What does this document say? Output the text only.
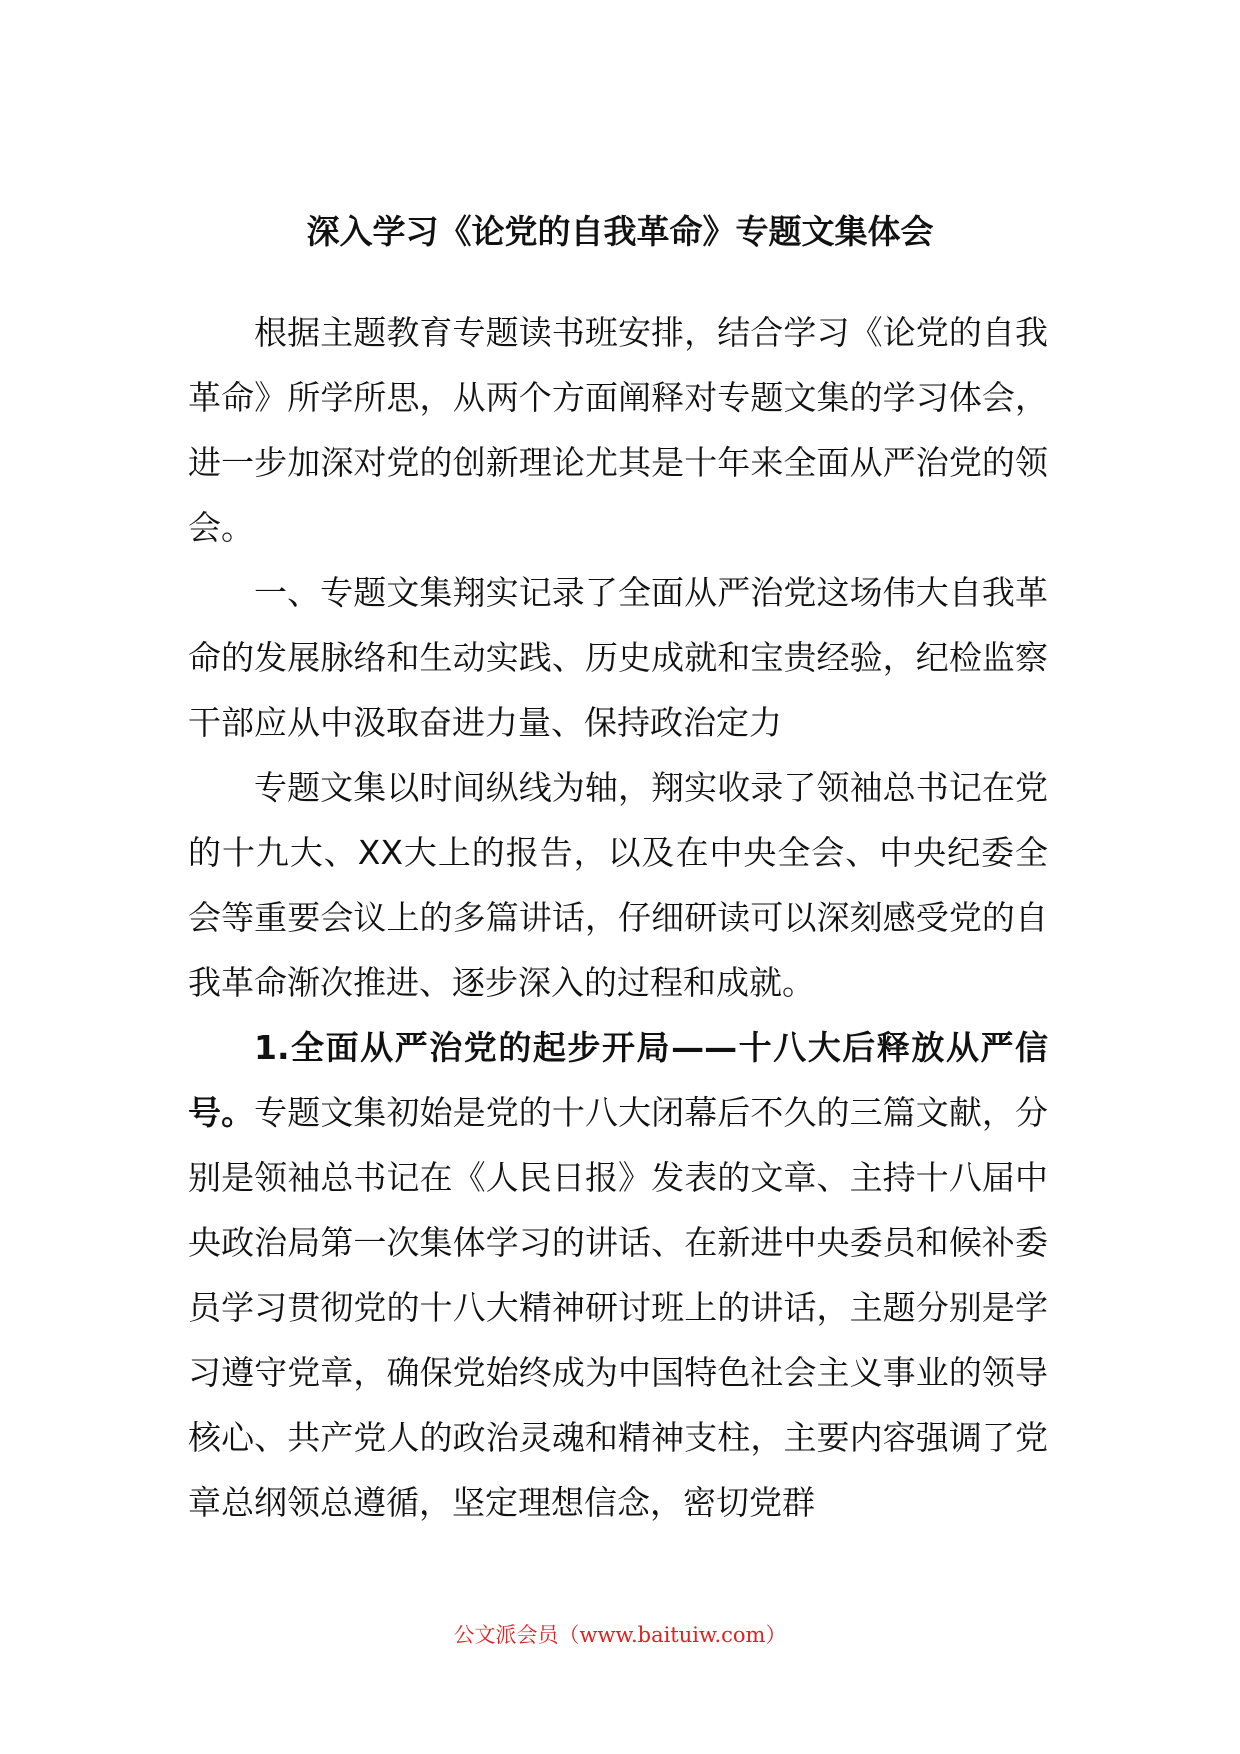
深入学习《论党的自我革命》专题文集体会

根据主题教育专题读书班安排，结合学习《论党的自我革命》所学所思，从两个方面阐释对专题文集的学习体会，进一步加深对党的创新理论尤其是十年来全面从严治党的领会。

一、专题文集翔实记录了全面从严治党这场伟大自我革命的发展脉络和生动实践、历史成就和宝贵经验，纪检监察干部应从中汲取奋进力量、保持政治定力

专题文集以时间纵线为轴，翔实收录了领袖总书记在党的十九大、XX大上的报告，以及在中央全会、中央纪委全会等重要会议上的多篇讲话，仔细研读可以深刻感受党的自我革命渐次推进、逐步深入的过程和成就。

1.全面从严治党的起步开局——十八大后释放从严信号。专题文集初始是党的十八大闭幕后不久的三篇文献，分别是领袖总书记在《人民日报》发表的文章、主持十八届中央政治局第一次集体学习的讲话、在新进中央委员和候补委员学习贯彻党的十八大精神研讨班上的讲话，主题分别是学习遵守党章，确保党始终成为中国特色社会主义事业的领导核心、共产党人的政治灵魂和精神支柱，主要内容强调了党章总纲领总遵循，坚定理想信念，密切党群

公文派会员（www.baituiw.com）
